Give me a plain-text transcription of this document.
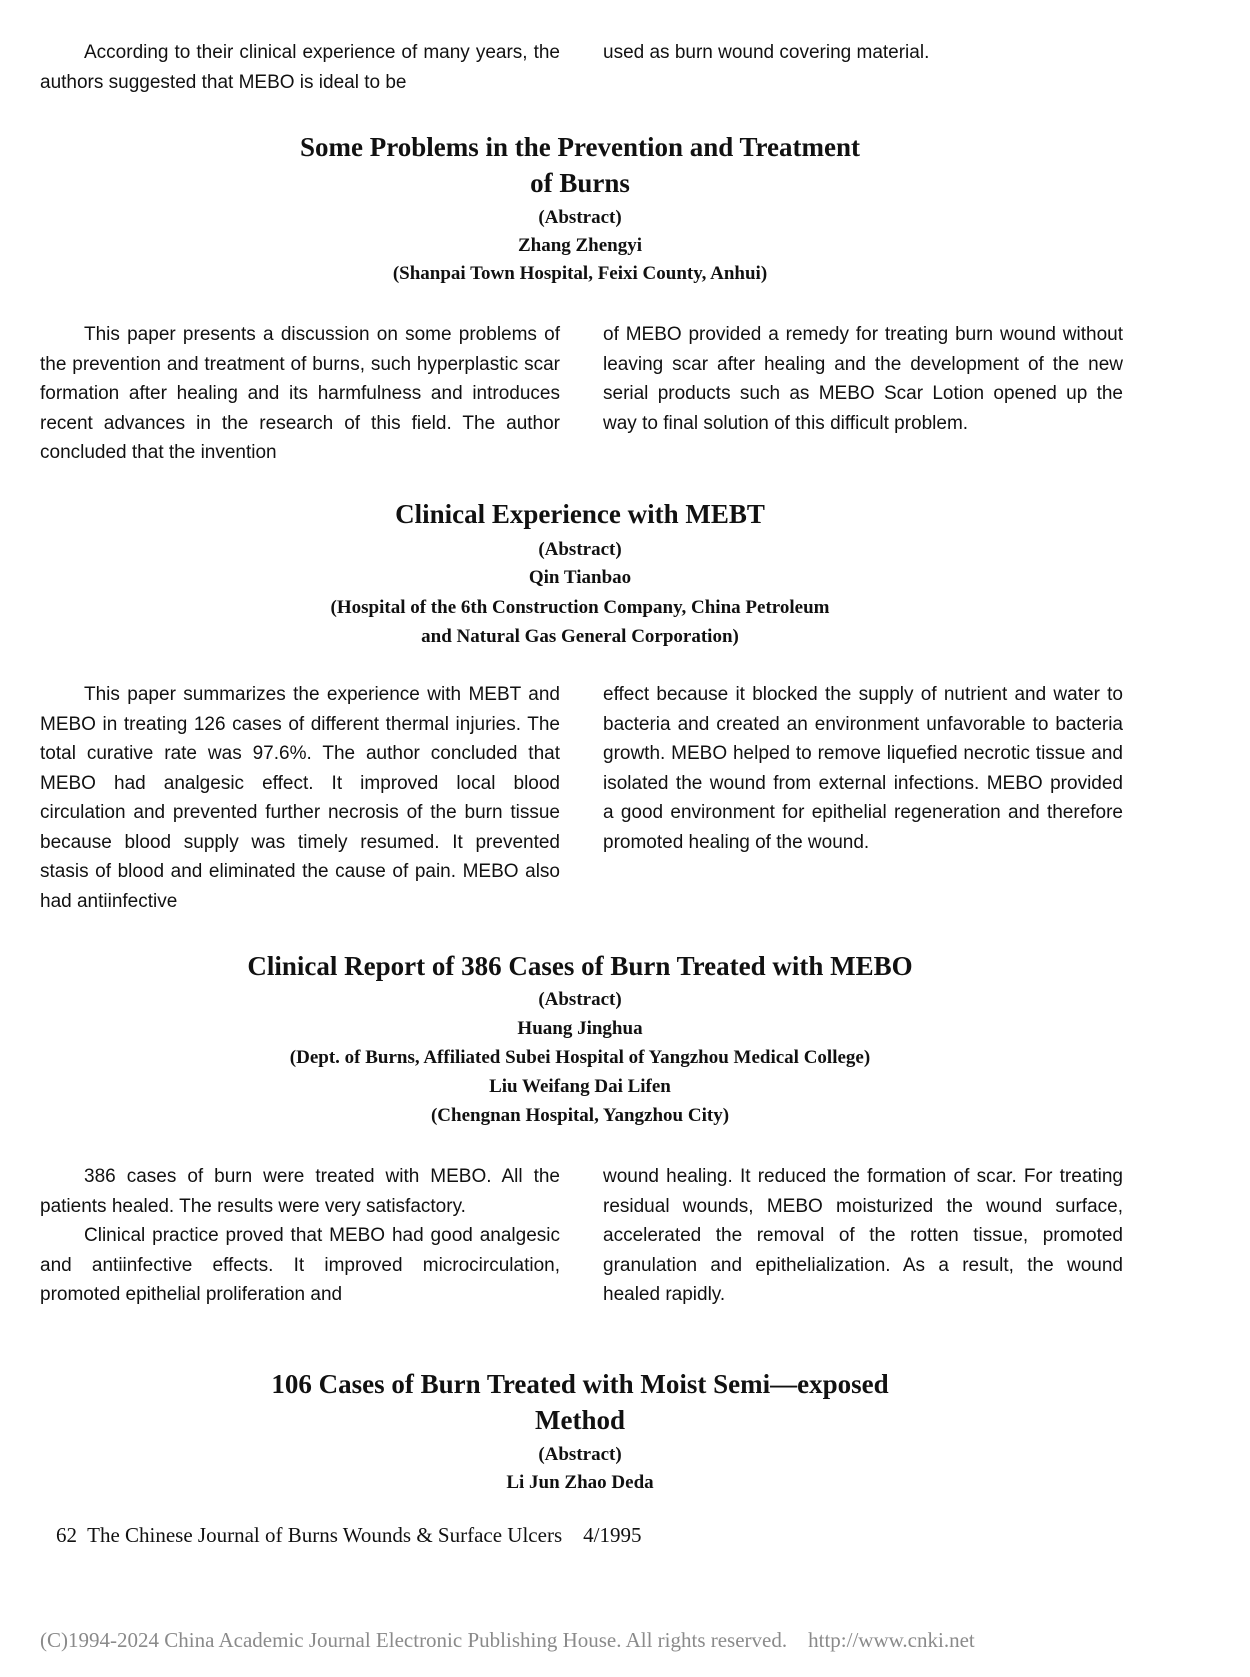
According to their clinical experience of many years, the authors suggested that MEBO is ideal to be

used as burn wound covering material.

Some Problems in the Prevention and Treatment
of Burns
(Abstract)
Zhang Zhengyi
(Shanpai Town Hospital, Feixi County, Anhui)

This paper presents a discussion on some problems of the prevention and treatment of burns, such hyperplastic scar formation after healing and its harmfulness and introduces recent advances in the research of this field. The author concluded that the invention

of MEBO provided a remedy for treating burn wound without leaving scar after healing and the development of the new serial products such as MEBO Scar Lotion opened up the way to final solution of this difficult problem.

Clinical Experience with MEBT
(Abstract)
Qin Tianbao
(Hospital of the 6th Construction Company, China Petroleum
and Natural Gas General Corporation)

This paper summarizes the experience with MEBT and MEBO in treating 126 cases of different thermal injuries. The total curative rate was 97.6%. The author concluded that MEBO had analgesic effect. It improved local blood circulation and prevented further necrosis of the burn tissue because blood supply was timely resumed. It prevented stasis of blood and eliminated the cause of pain. MEBO also had antiinfective

effect because it blocked the supply of nutrient and water to bacteria and created an environment unfavorable to bacteria growth. MEBO helped to remove liquefied necrotic tissue and isolated the wound from external infections. MEBO provided a good environment for epithelial regeneration and therefore promoted healing of the wound.

Clinical Report of 386 Cases of Burn Treated with MEBO
(Abstract)
Huang Jinghua
(Dept. of Burns, Affiliated Subei Hospital of Yangzhou Medical College)
Liu Weifang Dai Lifen
(Chengnan Hospital, Yangzhou City)

386 cases of burn were treated with MEBO. All the patients healed. The results were very satisfactory.

Clinical practice proved that MEBO had good analgesic and antiinfective effects. It improved microcirculation, promoted epithelial proliferation and

wound healing. It reduced the formation of scar. For treating residual wounds, MEBO moisturized the wound surface, accelerated the removal of the rotten tissue, promoted granulation and epithelialization. As a result, the wound healed rapidly.

106 Cases of Burn Treated with Moist Semi—exposed
Method
(Abstract)
Li Jun Zhao Deda
62  The Chinese Journal of Burns Wounds & Surface Ulcers    4/1995
(C)1994-2024 China Academic Journal Electronic Publishing House. All rights reserved.    http://www.cnki.net
